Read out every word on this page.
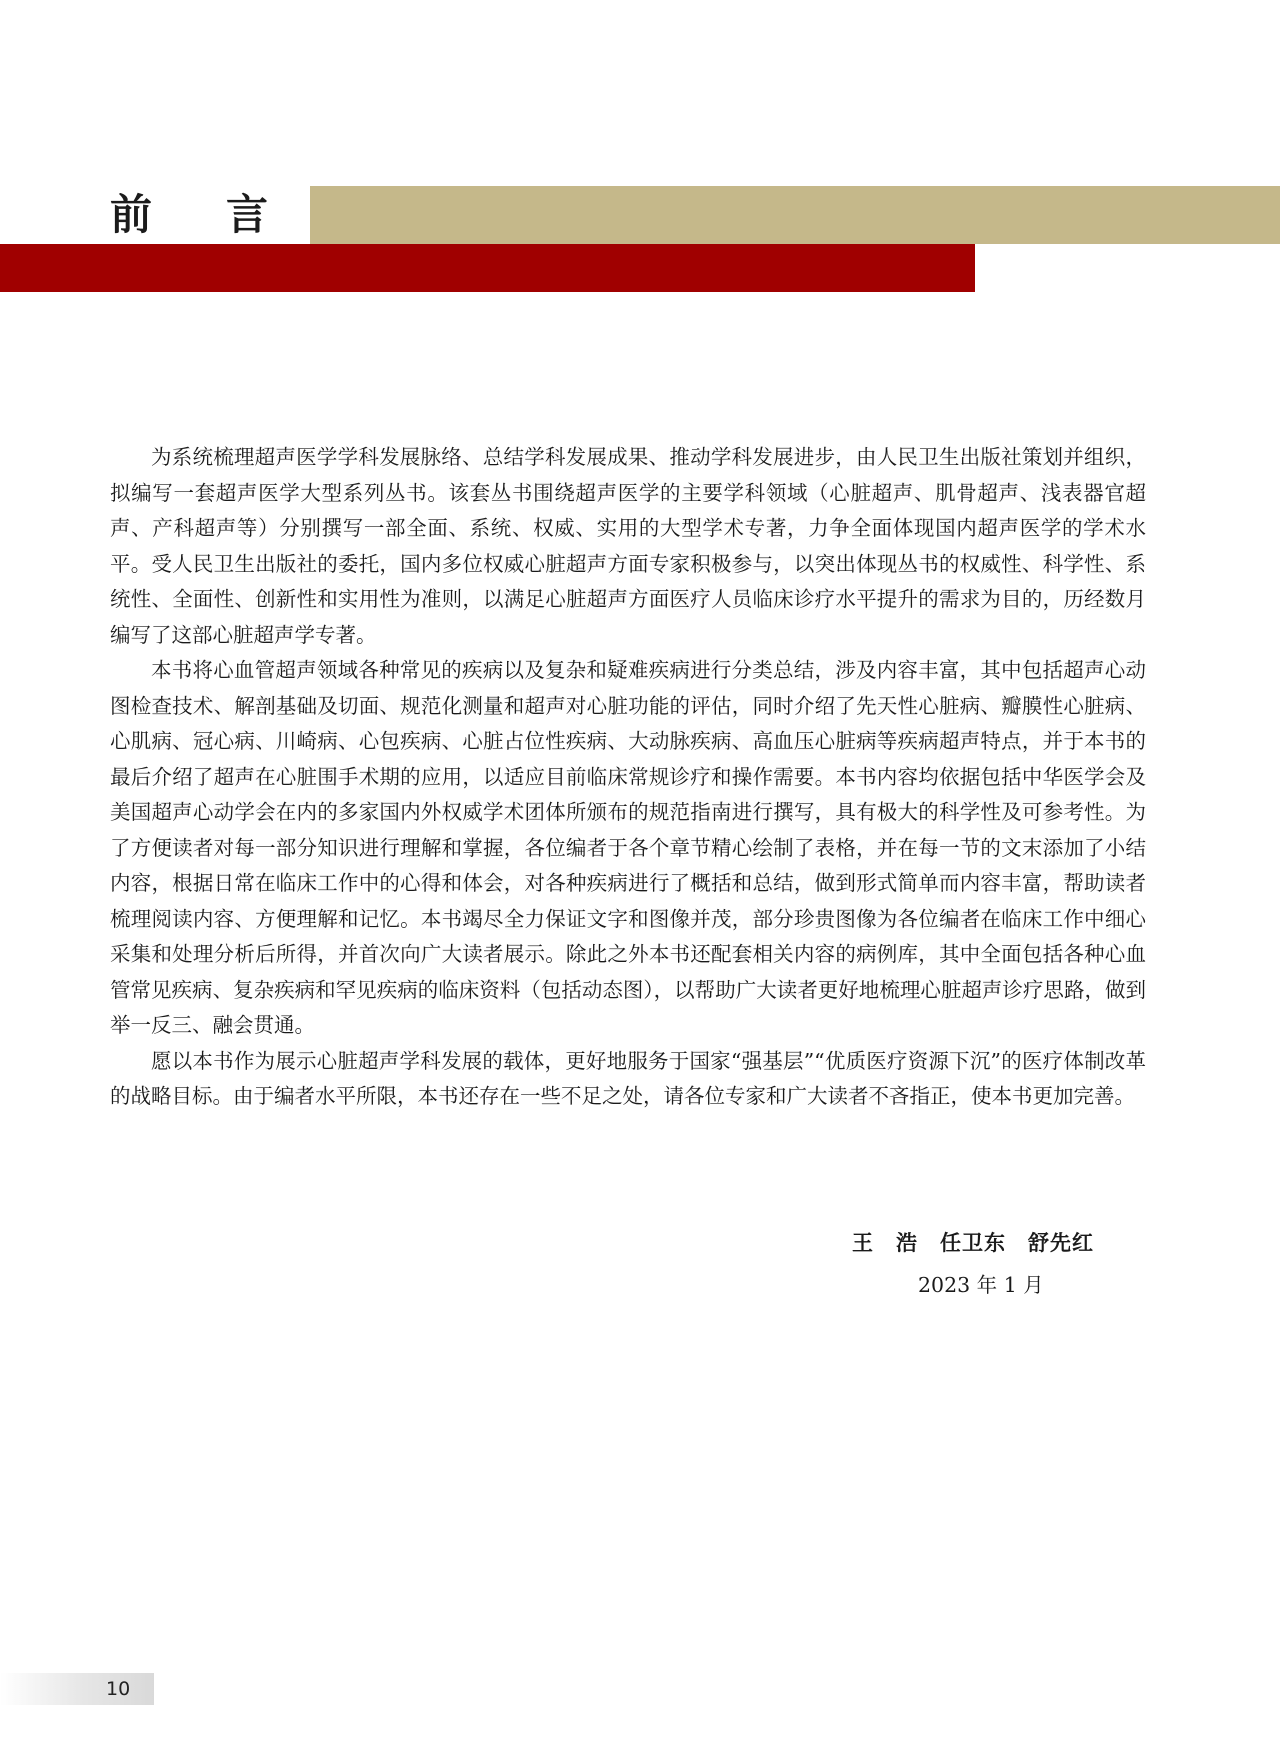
前言

为系统梳理超声医学学科发展脉络、总结学科发展成果、推动学科发展进步，由人民卫生出版社策划并组织，拟编写一套超声医学大型系列丛书。该套丛书围绕超声医学的主要学科领域（心脏超声、肌骨超声、浅表器官超声、产科超声等）分别撰写一部全面、系统、权威、实用的大型学术专著，力争全面体现国内超声医学的学术水平。受人民卫生出版社的委托，国内多位权威心脏超声方面专家积极参与，以突出体现丛书的权威性、科学性、系统性、全面性、创新性和实用性为准则，以满足心脏超声方面医疗人员临床诊疗水平提升的需求为目的，历经数月编写了这部心脏超声学专著。

本书将心血管超声领域各种常见的疾病以及复杂和疑难疾病进行分类总结，涉及内容丰富，其中包括超声心动图检查技术、解剖基础及切面、规范化测量和超声对心脏功能的评估，同时介绍了先天性心脏病、瓣膜性心脏病、心肌病、冠心病、川崎病、心包疾病、心脏占位性疾病、大动脉疾病、高血压心脏病等疾病超声特点，并于本书的最后介绍了超声在心脏围手术期的应用，以适应目前临床常规诊疗和操作需要。本书内容均依据包括中华医学会及美国超声心动学会在内的多家国内外权威学术团体所颁布的规范指南进行撰写，具有极大的科学性及可参考性。为了方便读者对每一部分知识进行理解和掌握，各位编者于各个章节精心绘制了表格，并在每一节的文末添加了小结内容，根据日常在临床工作中的心得和体会，对各种疾病进行了概括和总结，做到形式简单而内容丰富，帮助读者梳理阅读内容、方便理解和记忆。本书竭尽全力保证文字和图像并茂，部分珍贵图像为各位编者在临床工作中细心采集和处理分析后所得，并首次向广大读者展示。除此之外本书还配套相关内容的病例库，其中全面包括各种心血管常见疾病、复杂疾病和罕见疾病的临床资料（包括动态图），以帮助广大读者更好地梳理心脏超声诊疗思路，做到举一反三、融会贯通。

愿以本书作为展示心脏超声学科发展的载体，更好地服务于国家“强基层”“优质医疗资源下沉”的医疗体制改革的战略目标。由于编者水平所限，本书还存在一些不足之处，请各位专家和广大读者不吝指正，使本书更加完善。

王　浩　任卫东　舒先红
2023 年 1 月
10
